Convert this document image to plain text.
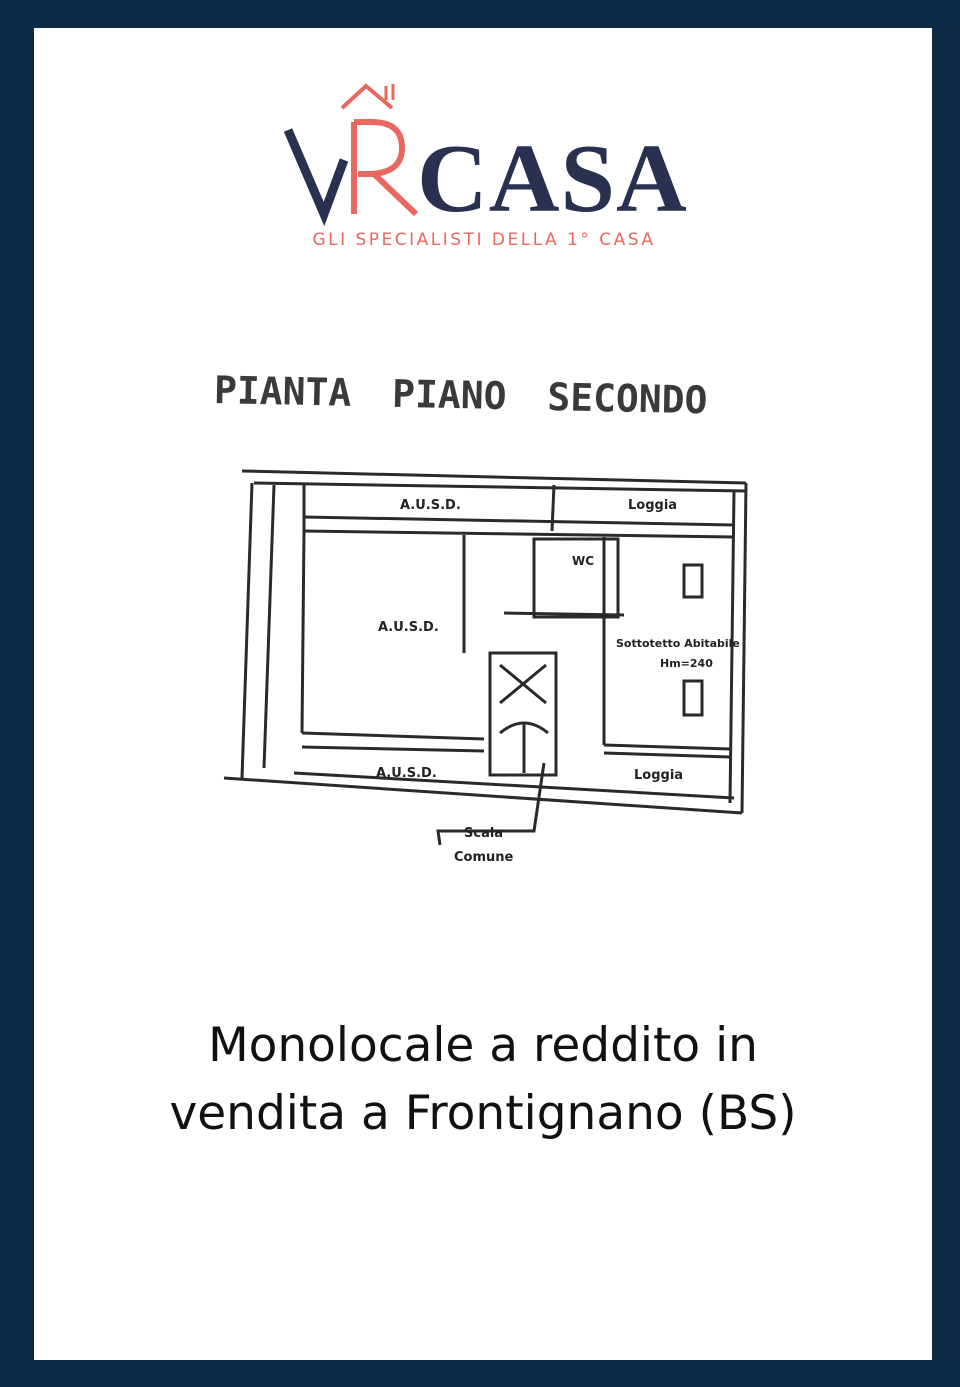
CASA
GLI SPECIALISTI DELLA 1° CASA
PIANTA PIANO SECONDO
A.U.S.D.	Loggia
WC
A.U.S.D.
Sottotetto Abitabile
Hm=240
A.U.S.D.	Loggia
Scala
Comune
Monolocale a reddito in
vendita a Frontignano (BS)
